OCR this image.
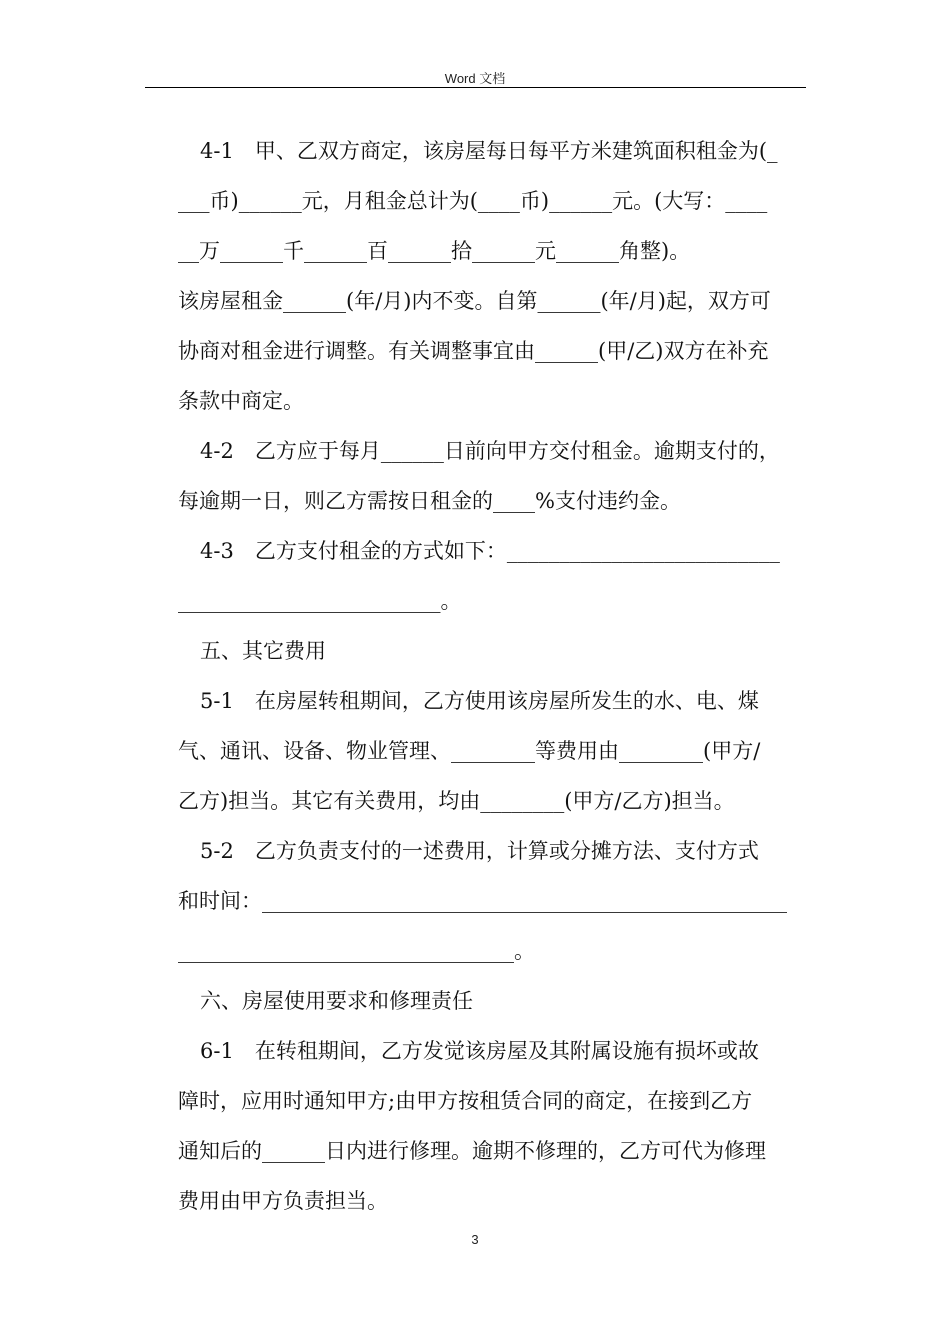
Word 文档
4-1　甲、乙双方商定，该房屋每日每平方米建筑面积租金为(_
___币)______元，月租金总计为(____币)______元。(大写：____
__万______千______百______拾______元______角整)。
该房屋租金______(年/月)内不变。自第______(年/月)起，双方可
协商对租金进行调整。有关调整事宜由______(甲/乙)双方在补充
条款中商定。
4-2　乙方应于每月______日前向甲方交付租金。逾期支付的，
每逾期一日，则乙方需按日租金的____%支付违约金。
4-3　乙方支付租金的方式如下：__________________________
_________________________。
五、其它费用
5-1　在房屋转租期间，乙方使用该房屋所发生的水、电、煤
气、通讯、设备、物业管理、________等费用由________(甲方/
乙方)担当。其它有关费用，均由________(甲方/乙方)担当。
5-2　乙方负责支付的一述费用，计算或分摊方法、支付方式
和时间：__________________________________________________
________________________________。
六、房屋使用要求和修理责任
6-1　在转租期间，乙方发觉该房屋及其附属设施有损坏或故
障时，应用时通知甲方;由甲方按租赁合同的商定，在接到乙方
通知后的______日内进行修理。逾期不修理的，乙方可代为修理
费用由甲方负责担当。
3
